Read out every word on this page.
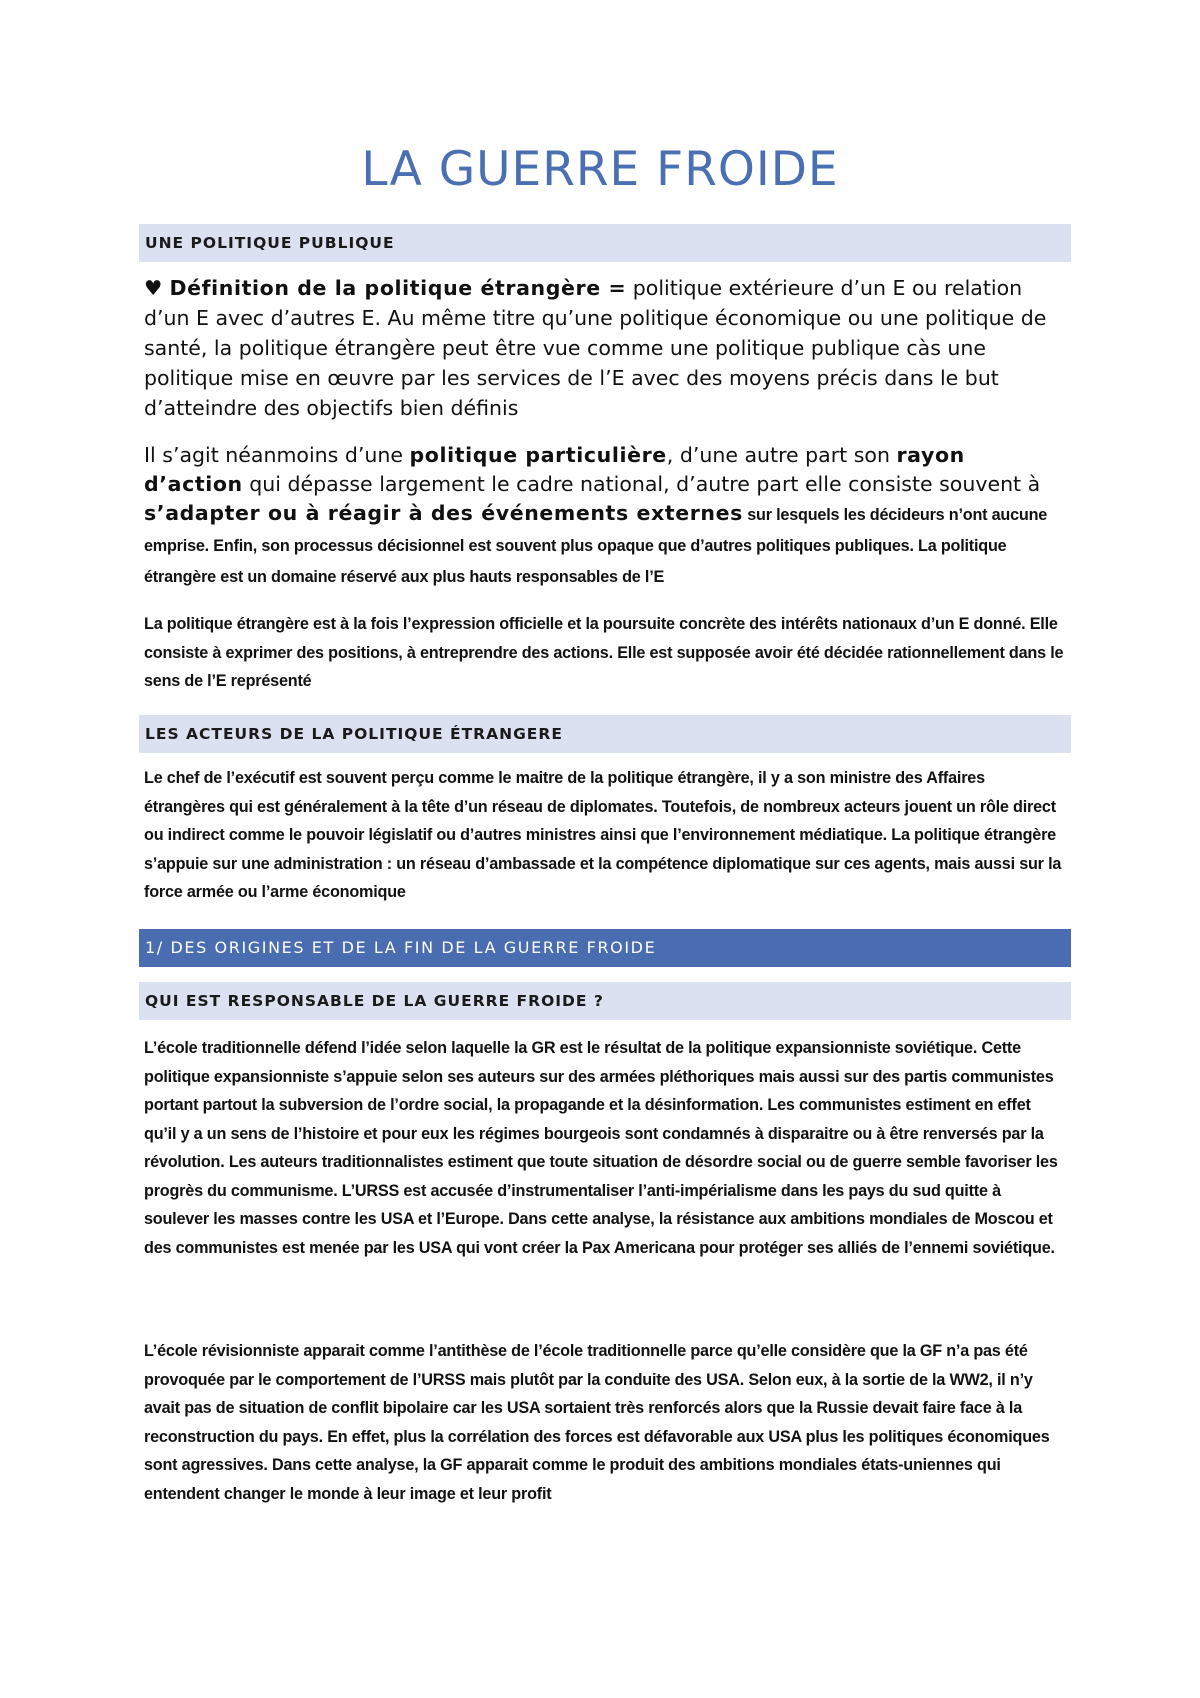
LA GUERRE FROIDE
UNE POLITIQUE PUBLIQUE
♥ Définition de la politique étrangère = politique extérieure d’un E ou relation d’un E avec d’autres E. Au même titre qu’une politique économique ou une politique de santé, la politique étrangère peut être vue comme une politique publique càs une politique mise en œuvre par les services de l’E avec des moyens précis dans le but d’atteindre des objectifs bien définis
Il s’agit néanmoins d’une politique particulière, d’une autre part son rayon d’action qui dépasse largement le cadre national, d’autre part elle consiste souvent à s’adapter ou à réagir à des événements externes sur lesquels les décideurs n’ont aucune emprise. Enfin, son processus décisionnel est souvent plus opaque que d’autres politiques publiques. La politique étrangère est un domaine réservé aux plus hauts responsables de l’E
La politique étrangère est à la fois l’expression officielle et la poursuite concrète des intérêts nationaux d’un E donné. Elle consiste à exprimer des positions, à entreprendre des actions. Elle est supposée avoir été décidée rationnellement dans le sens de l’E représenté
LES ACTEURS DE LA POLITIQUE ÉTRANGERE
Le chef de l’exécutif est souvent perçu comme le maitre de la politique étrangère, il y a son ministre des Affaires étrangères qui est généralement à la tête d’un réseau de diplomates. Toutefois, de nombreux acteurs jouent un rôle direct ou indirect comme le pouvoir législatif ou d’autres ministres ainsi que l’environnement médiatique. La politique étrangère s’appuie sur une administration : un réseau d’ambassade et la compétence diplomatique sur ces agents, mais aussi sur la force armée ou l’arme économique
1/ DES ORIGINES ET DE LA FIN DE LA GUERRE FROIDE
QUI EST RESPONSABLE DE LA GUERRE FROIDE ?
L’école traditionnelle défend l’idée selon laquelle la GR est le résultat de la politique expansionniste soviétique. Cette politique expansionniste s’appuie selon ses auteurs sur des armées pléthoriques mais aussi sur des partis communistes portant partout la subversion de l’ordre social, la propagande et la désinformation. Les communistes estiment en effet qu’il y a un sens de l’histoire et pour eux les régimes bourgeois sont condamnés à disparaitre ou à être renversés par la révolution. Les auteurs traditionnalistes estiment que toute situation de désordre social ou de guerre semble favoriser les progrès du communisme. L’URSS est accusée d’instrumentaliser l’anti-impérialisme dans les pays du sud quitte à soulever les masses contre les USA et l’Europe. Dans cette analyse, la résistance aux ambitions mondiales de Moscou et des communistes est menée par les USA qui vont créer la Pax Americana pour protéger ses alliés de l’ennemi soviétique.
L’école révisionniste apparait comme l’antithèse de l’école traditionnelle parce qu’elle considère que la GF n’a pas été provoquée par le comportement de l’URSS mais plutôt par la conduite des USA. Selon eux, à la sortie de la WW2, il n’y avait pas de situation de conflit bipolaire car les USA sortaient très renforcés alors que la Russie devait faire face à la reconstruction du pays. En effet, plus la corrélation des forces est défavorable aux USA plus les politiques économiques sont agressives. Dans cette analyse, la GF apparait comme le produit des ambitions mondiales états-uniennes qui entendent changer le monde à leur image et leur profit
